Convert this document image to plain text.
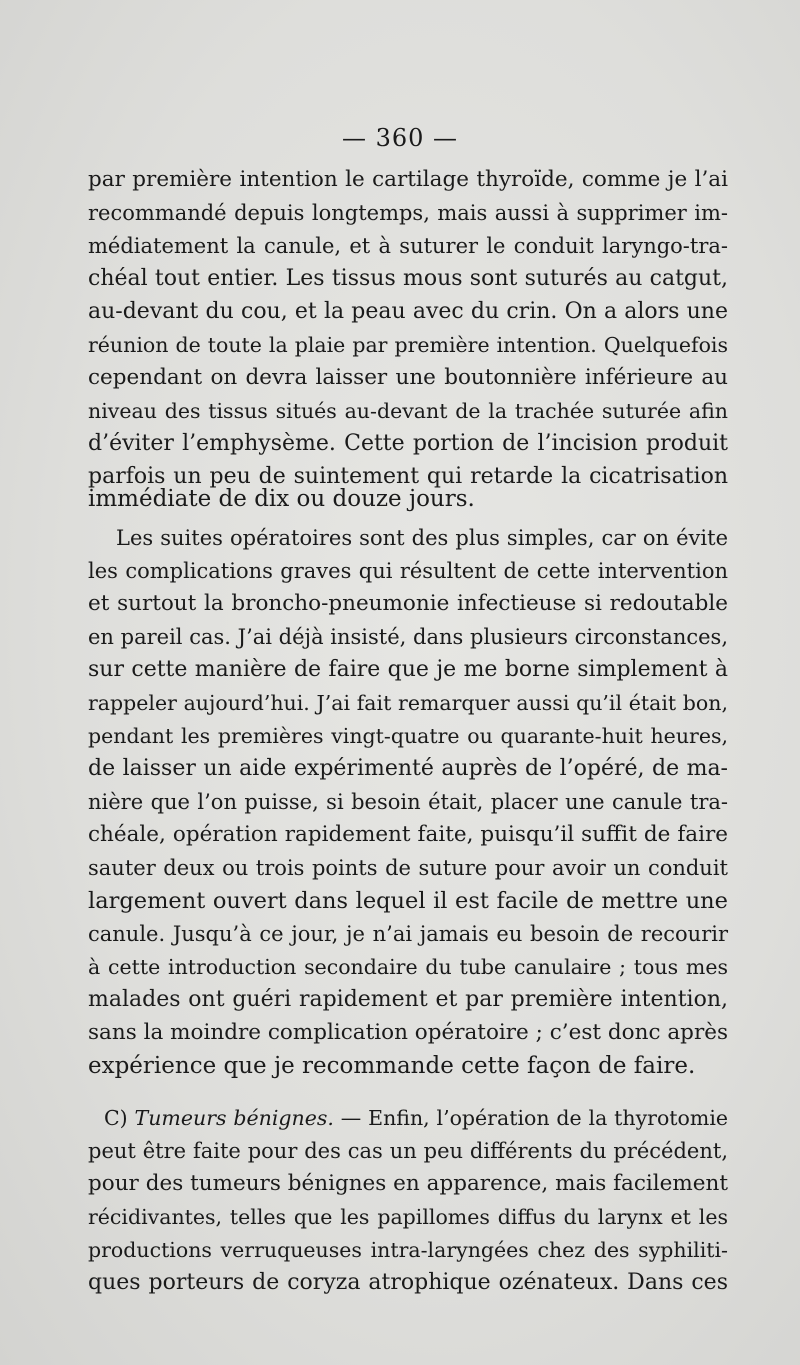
— 360 —
par première intention le cartilage thyroïde, comme je l’ai
recommandé depuis longtemps, mais aussi à supprimer im-
médiatement la canule, et à suturer le conduit laryngo-tra-
chéal tout entier. Les tissus mous sont suturés au catgut,
au-devant du cou, et la peau avec du crin. On a alors une
réunion de toute la plaie par première intention. Quelquefois
cependant on devra laisser une boutonnière inférieure au
niveau des tissus situés au-devant de la trachée suturée afin
d’éviter l’emphysème. Cette portion de l’incision produit
parfois un peu de suintement qui retarde la cicatrisation
immédiate de dix ou douze jours.
Les suites opératoires sont des plus simples, car on évite
les complications graves qui résultent de cette intervention
et surtout la broncho-pneumonie infectieuse si redoutable
en pareil cas. J’ai déjà insisté, dans plusieurs circonstances,
sur cette manière de faire que je me borne simplement à
rappeler aujourd’hui. J’ai fait remarquer aussi qu’il était bon,
pendant les premières vingt-quatre ou quarante-huit heures,
de laisser un aide expérimenté auprès de l’opéré, de ma-
nière que l’on puisse, si besoin était, placer une canule tra-
chéale, opération rapidement faite, puisqu’il suffit de faire
sauter deux ou trois points de suture pour avoir un conduit
largement ouvert dans lequel il est facile de mettre une
canule. Jusqu’à ce jour, je n’ai jamais eu besoin de recourir
à cette introduction secondaire du tube canulaire ; tous mes
malades ont guéri rapidement et par première intention,
sans la moindre complication opératoire ; c’est donc après
expérience que je recommande cette façon de faire.
C) Tumeurs bénignes. — Enfin, l’opération de la thyrotomie
peut être faite pour des cas un peu différents du précédent,
pour des tumeurs bénignes en apparence, mais facilement
récidivantes, telles que les papillomes diffus du larynx et les
productions verruqueuses intra-laryngées chez des syphiliti-
ques porteurs de coryza atrophique ozénateux. Dans ces
